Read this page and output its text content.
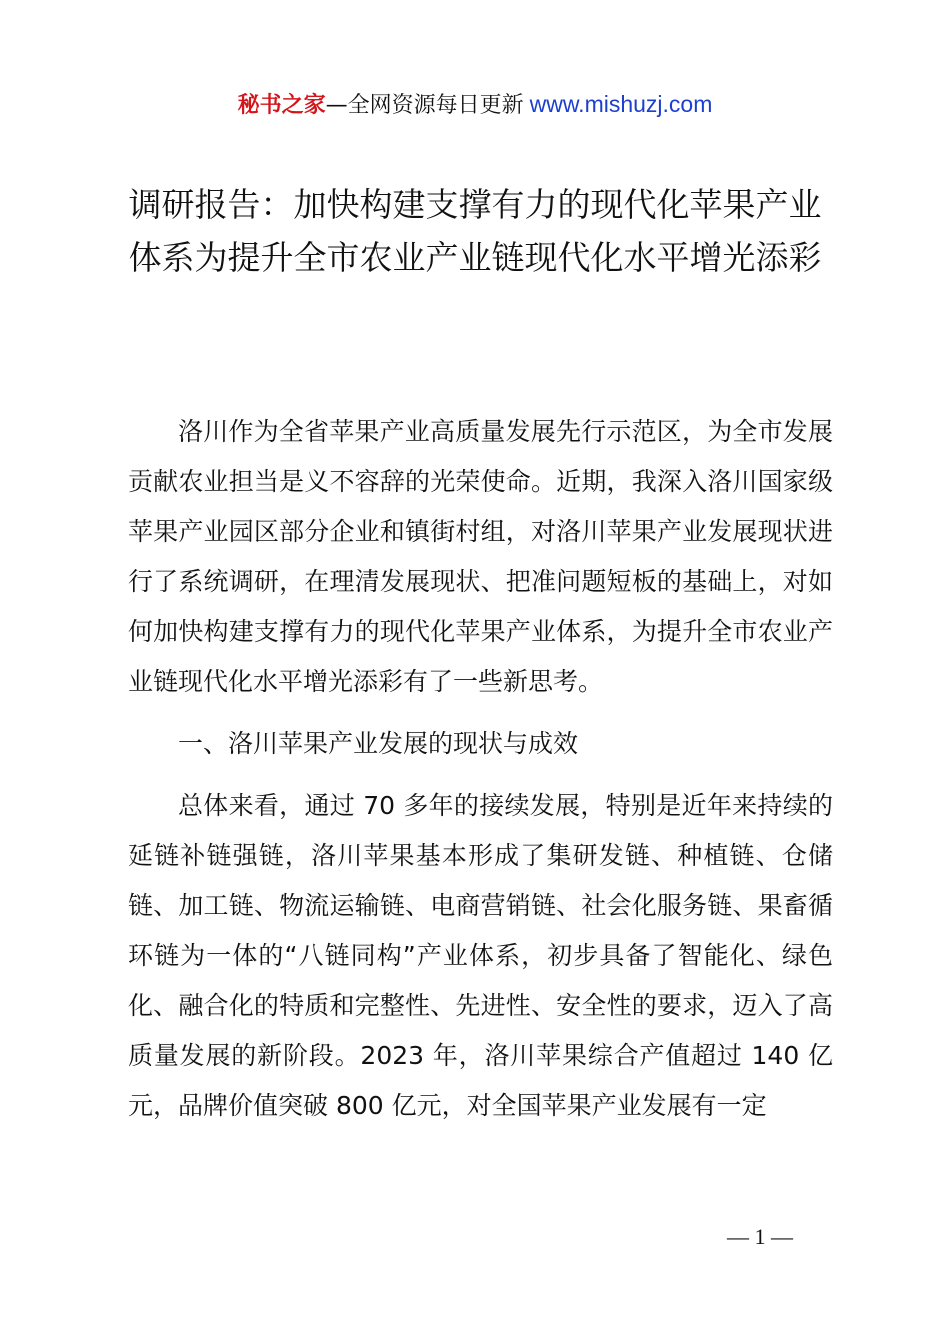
秘书之家—全网资源每日更新 www.mishuzj.com
调研报告：加快构建支撑有力的现代化苹果产业体系为提升全市农业产业链现代化水平增光添彩

洛川作为全省苹果产业高质量发展先行示范区，为全市发展贡献农业担当是义不容辞的光荣使命。近期，我深入洛川国家级苹果产业园区部分企业和镇街村组，对洛川苹果产业发展现状进行了系统调研，在理清发展现状、把准问题短板的基础上，对如何加快构建支撑有力的现代化苹果产业体系，为提升全市农业产业链现代化水平增光添彩有了一些新思考。

一、洛川苹果产业发展的现状与成效

总体来看，通过 70 多年的接续发展，特别是近年来持续的延链补链强链，洛川苹果基本形成了集研发链、种植链、仓储链、加工链、物流运输链、电商营销链、社会化服务链、果畜循环链为一体的“八链同构”产业体系，初步具备了智能化、绿色化、融合化的特质和完整性、先进性、安全性的要求，迈入了高质量发展的新阶段。2023 年，洛川苹果综合产值超过 140 亿元，品牌价值突破 800 亿元，对全国苹果产业发展有一定

— 1 —
